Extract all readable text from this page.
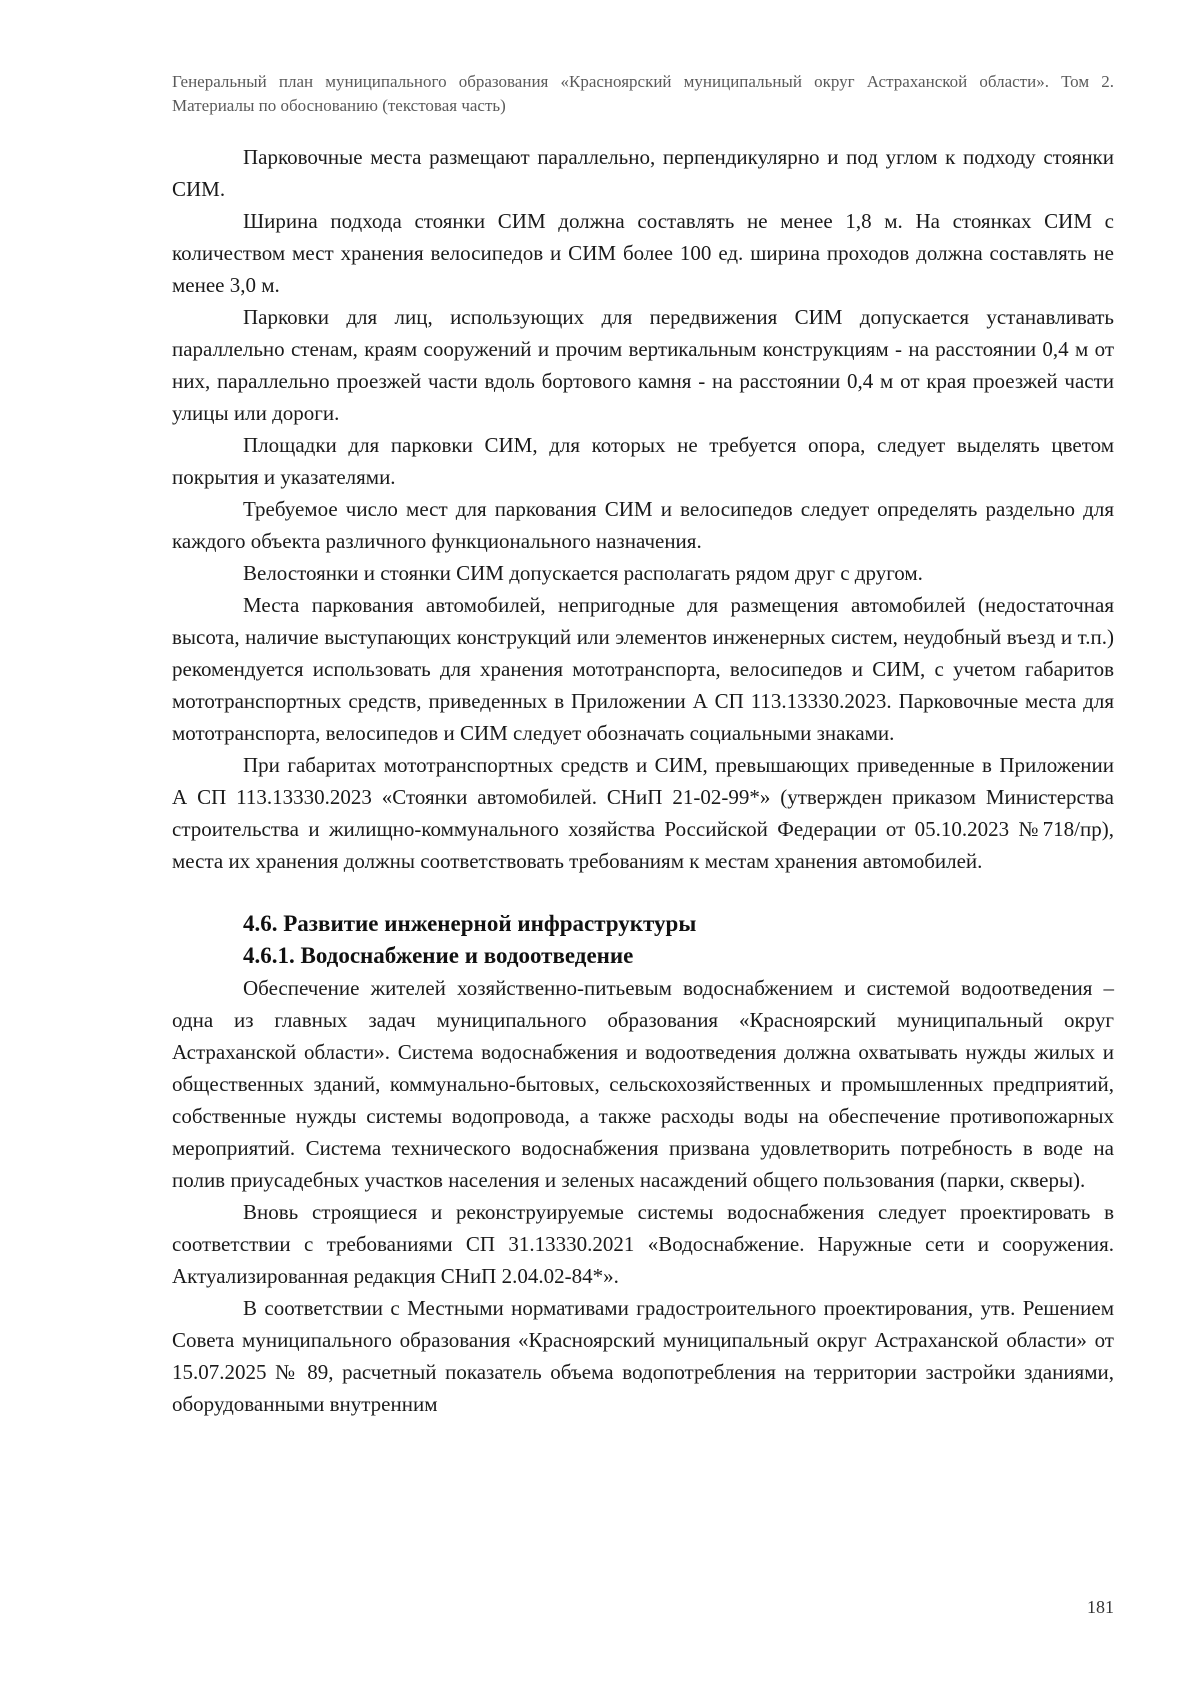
Генеральный план муниципального образования «Красноярский муниципальный округ Астраханской области». Том 2. Материалы по обоснованию (текстовая часть)

Парковочные места размещают параллельно, перпендикулярно и под углом к подходу стоянки СИМ.

Ширина подхода стоянки СИМ должна составлять не менее 1,8 м. На стоянках СИМ с количеством мест хранения велосипедов и СИМ более 100 ед. ширина проходов должна составлять не менее 3,0 м.

Парковки для лиц, использующих для передвижения СИМ допускается устанавливать параллельно стенам, краям сооружений и прочим вертикальным конструкциям - на расстоянии 0,4 м от них, параллельно проезжей части вдоль бортового камня - на расстоянии 0,4 м от края проезжей части улицы или дороги.

Площадки для парковки СИМ, для которых не требуется опора, следует выделять цветом покрытия и указателями.

Требуемое число мест для паркования СИМ и велосипедов следует определять раздельно для каждого объекта различного функционального назначения.

Велостоянки и стоянки СИМ допускается располагать рядом друг с другом.

Места паркования автомобилей, непригодные для размещения автомобилей (недостаточная высота, наличие выступающих конструкций или элементов инженерных систем, неудобный въезд и т.п.) рекомендуется использовать для хранения мототранспорта, велосипедов и СИМ, с учетом габаритов мототранспортных средств, приведенных в Приложении А СП 113.13330.2023. Парковочные места для мототранспорта, велосипедов и СИМ следует обозначать социальными знаками.

При габаритах мототранспортных средств и СИМ, превышающих приведенные в Приложении А СП 113.13330.2023 «Стоянки автомобилей. СНиП 21-02-99*» (утвержден приказом Министерства строительства и жилищно-коммунального хозяйства Российской Федерации от 05.10.2023 №718/пр), места их хранения должны соответствовать требованиям к местам хранения автомобилей.

4.6. Развитие инженерной инфраструктуры
4.6.1. Водоснабжение и водоотведение

Обеспечение жителей хозяйственно-питьевым водоснабжением и системой водоотведения – одна из главных задач муниципального образования «Красноярский муниципальный округ Астраханской области». Система водоснабжения и водоотведения должна охватывать нужды жилых и общественных зданий, коммунально-бытовых, сельскохозяйственных и промышленных предприятий, собственные нужды системы водопровода, а также расходы воды на обеспечение противопожарных мероприятий. Система технического водоснабжения призвана удовлетворить потребность в воде на полив приусадебных участков населения и зеленых насаждений общего пользования (парки, скверы).

Вновь строящиеся и реконструируемые системы водоснабжения следует проектировать в соответствии с требованиями СП 31.13330.2021 «Водоснабжение. Наружные сети и сооружения. Актуализированная редакция СНиП 2.04.02-84*».

В соответствии с Местными нормативами градостроительного проектирования, утв. Решением Совета муниципального образования «Красноярский муниципальный округ Астраханской области» от 15.07.2025 № 89, расчетный показатель объема водопотребления на территории застройки зданиями, оборудованными внутренним

181
